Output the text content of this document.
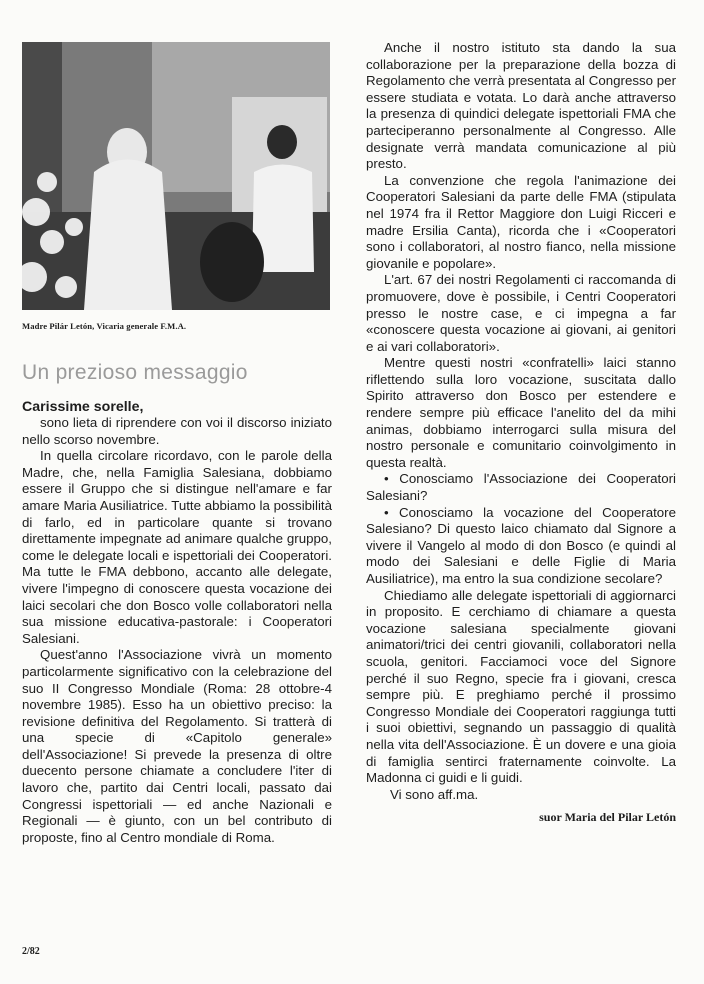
Madre Pilár Letón, Vicaria generale F.M.A.
Un prezioso messaggio
Carissime sorelle,

sono lieta di riprendere con voi il discorso iniziato nello scorso novembre.

In quella circolare ricordavo, con le parole della Madre, che, nella Famiglia Salesiana, dobbiamo essere il Gruppo che si distingue nell'amare e far amare Maria Ausiliatrice. Tutte abbiamo la possibilità di farlo, ed in particolare quante si trovano direttamente impegnate ad animare qualche gruppo, come le delegate locali e ispettoriali dei Cooperatori. Ma tutte le FMA debbono, accanto alle delegate, vivere l'impegno di conoscere questa vocazione dei laici secolari che don Bosco volle collaboratori nella sua missione educativa-pastorale: i Cooperatori Salesiani.

Quest'anno l'Associazione vivrà un momento particolarmente significativo con la celebrazione del suo II Congresso Mondiale (Roma: 28 ottobre-4 novembre 1985). Esso ha un obiettivo preciso: la revisione definitiva del Regolamento. Si tratterà di una specie di «Capitolo generale» dell'Associazione! Si prevede la presenza di oltre duecento persone chiamate a concludere l'iter di lavoro che, partito dai Centri locali, passato dai Congressi ispettoriali — ed anche Nazionali e Regionali — è giunto, con un bel contributo di proposte, fino al Centro mondiale di Roma.

Anche il nostro istituto sta dando la sua collaborazione per la preparazione della bozza di Regolamento che verrà presentata al Congresso per essere studiata e votata. Lo darà anche attraverso la presenza di quindici delegate ispettoriali FMA che parteciperanno personalmente al Congresso. Alle designate verrà mandata comunicazione al più presto.

La convenzione che regola l'animazione dei Cooperatori Salesiani da parte delle FMA (stipulata nel 1974 fra il Rettor Maggiore don Luigi Ricceri e madre Ersilia Canta), ricorda che i «Cooperatori sono i collaboratori, al nostro fianco, nella missione giovanile e popolare».

L'art. 67 dei nostri Regolamenti ci raccomanda di promuovere, dove è possibile, i Centri Cooperatori presso le nostre case, e ci impegna a far «conoscere questa vocazione ai giovani, ai genitori e ai vari collaboratori».

Mentre questi nostri «confratelli» laici stanno riflettendo sulla loro vocazione, suscitata dallo Spirito attraverso don Bosco per estendere e rendere sempre più efficace l'anelito del da mihi animas, dobbiamo interrogarci sulla misura del nostro personale e comunitario coinvolgimento in questa realtà.

• Conosciamo l'Associazione dei Cooperatori Salesiani?

• Conosciamo la vocazione del Cooperatore Salesiano? Di questo laico chiamato dal Signore a vivere il Vangelo al modo di don Bosco (e quindi al modo dei Salesiani e delle Figlie di Maria Ausiliatrice), ma entro la sua condizione secolare?

Chiediamo alle delegate ispettoriali di aggiornarci in proposito. E cerchiamo di chiamare a questa vocazione salesiana specialmente giovani animatori/trici dei centri giovanili, collaboratori nella scuola, genitori. Facciamoci voce del Signore perché il suo Regno, specie fra i giovani, cresca sempre più. E preghiamo perché il prossimo Congresso Mondiale dei Cooperatori raggiunga tutti i suoi obiettivi, segnando un passaggio di qualità nella vita dell'Associazione. È un dovere e una gioia di famiglia sentirci fraternamente coinvolte. La Madonna ci guidi e li guidi.

Vi sono aff.ma.
suor Maria del Pilar Letón
2/82
